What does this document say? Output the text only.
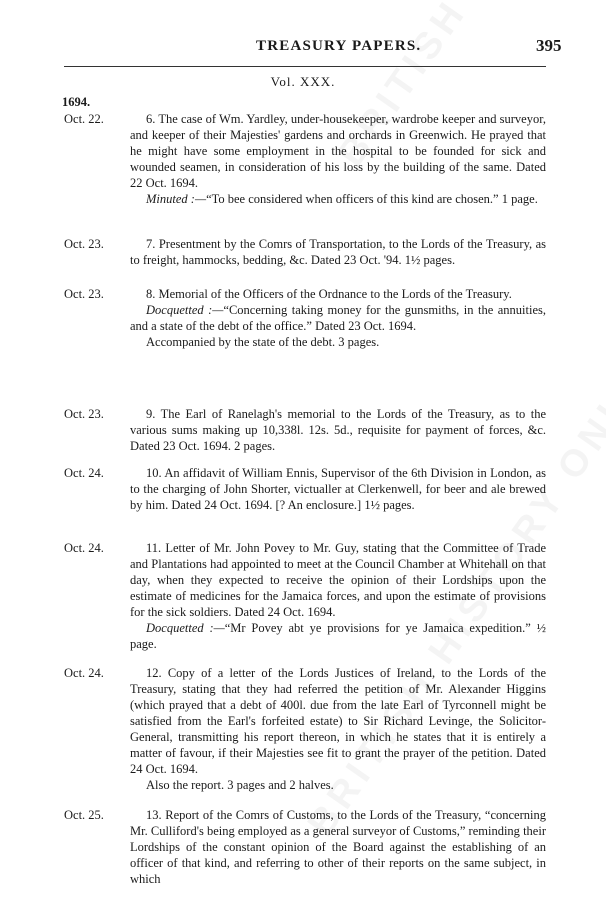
TREASURY PAPERS.	395
Vol. XXX.
1694.
Oct. 22.	6. The case of Wm. Yardley, under-housekeeper, wardrobe keeper and surveyor, and keeper of their Majesties' gardens and orchards in Greenwich. He prayed that he might have some employment in the hospital to be founded for sick and wounded seamen, in consideration of his loss by the building of the same. Dated 22 Oct. 1694.

Minuted :—“To bee considered when officers of this kind are chosen.” 1 page.

Oct. 23.	7. Presentment by the Comrs of Transportation, to the Lords of the Treasury, as to freight, hammocks, bedding, &c. Dated 23 Oct. '94. 1½ pages.

Oct. 23.	8. Memorial of the Officers of the Ordnance to the Lords of the Treasury.

Docquetted :—“Concerning taking money for the gunsmiths, in the annuities, and a state of the debt of the office.” Dated 23 Oct. 1694.

Accompanied by the state of the debt. 3 pages.

Oct. 23.	9. The Earl of Ranelagh's memorial to the Lords of the Treasury, as to the various sums making up 10,338l. 12s. 5d., requisite for payment of forces, &c. Dated 23 Oct. 1694. 2 pages.

Oct. 24.	10. An affidavit of William Ennis, Supervisor of the 6th Division in London, as to the charging of John Shorter, victualler at Clerkenwell, for beer and ale brewed by him. Dated 24 Oct. 1694. [? An enclosure.] 1½ pages.

Oct. 24.	11. Letter of Mr. John Povey to Mr. Guy, stating that the Committee of Trade and Plantations had appointed to meet at the Council Chamber at Whitehall on that day, when they expected to receive the opinion of their Lordships upon the estimate of medicines for the Jamaica forces, and upon the estimate of provisions for the sick soldiers. Dated 24 Oct. 1694.

Docquetted :—“Mr Povey abt ye provisions for ye Jamaica expedition.” ½ page.

Oct. 24.	12. Copy of a letter of the Lords Justices of Ireland, to the Lords of the Treasury, stating that they had referred the petition of Mr. Alexander Higgins (which prayed that a debt of 400l. due from the late Earl of Tyrconnell might be satisfied from the Earl's forfeited estate) to Sir Richard Levinge, the Solicitor-General, transmitting his report thereon, in which he states that it is entirely a matter of favour, if their Majesties see fit to grant the prayer of the petition. Dated 24 Oct. 1694.

Also the report. 3 pages and 2 halves.

Oct. 25.	13. Report of the Comrs of Customs, to the Lords of the Treasury, “concerning Mr. Culliford's being employed as a general surveyor of Customs,” reminding their Lordships of the constant opinion of the Board against the establishing of an officer of that kind, and referring to other of their reports on the same subject, in which
